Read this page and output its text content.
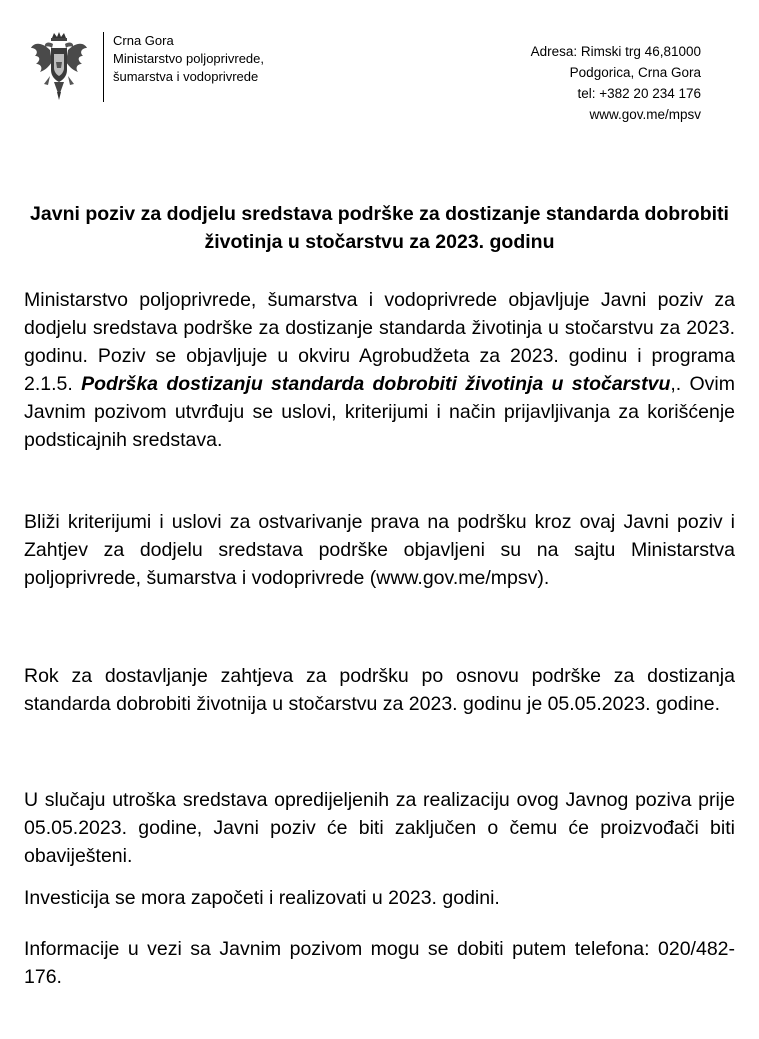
Crna Gora
Ministarstvo poljoprivrede,
šumarstva i vodoprivrede
Adresa: Rimski trg 46,81000
Podgorica, Crna Gora
tel: +382 20 234 176
www.gov.me/mpsv
Javni poziv za dodjelu sredstava podrške za dostizanje standarda dobrobiti životinja u stočarstvu za 2023. godinu

Ministarstvo poljoprivrede, šumarstva i vodoprivrede objavljuje Javni poziv za dodjelu sredstava podrške za dostizanje standarda životinja u stočarstvu za 2023. godinu. Poziv se objavljuje u okviru Agrobudžeta za 2023. godinu i programa 2.1.5. Podrška dostizanju standarda dobrobiti životinja u stočarstvu,. Ovim Javnim pozivom utvrđuju se uslovi, kriterijumi i način prijavljivanja za korišćenje podsticajnih sredstava.

Bliži kriterijumi i uslovi za ostvarivanje prava na podršku kroz ovaj Javni poziv i Zahtjev za dodjelu sredstava podrške objavljeni su na sajtu Ministarstva poljoprivrede, šumarstva i vodoprivrede (www.gov.me/mpsv).

Rok za dostavljanje zahtjeva za podršku po osnovu podrške za dostizanja standarda dobrobiti životnija u stočarstvu za 2023. godinu je 05.05.2023. godine.

U slučaju utroška sredstava opredijeljenih za realizaciju ovog Javnog poziva prije 05.05.2023. godine, Javni poziv će biti zaključen o čemu će proizvođači biti obaviješteni.

Investicija se mora započeti i realizovati u 2023. godini.

Informacije u vezi sa Javnim pozivom mogu se dobiti putem telefona: 020/482-176.
